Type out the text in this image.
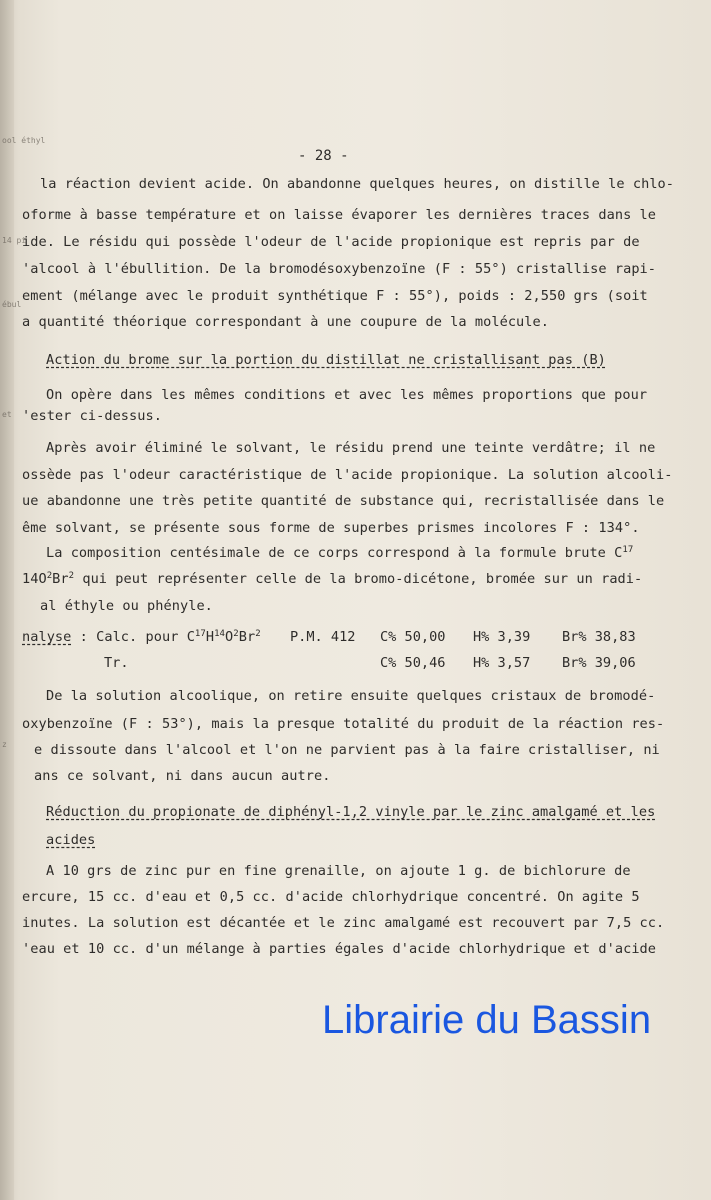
ool éthyl
14 pi
ébul
et
z
- 28 -
la réaction devient acide. On abandonne quelques heures, on distille le chlo-
oforme à basse température et on laisse évaporer les dernières traces dans le
ide. Le résidu qui possède l'odeur de l'acide propionique est repris par de
'alcool à l'ébullition. De la bromodésoxybenzoïne (F : 55°) cristallise rapi-
ement (mélange avec le produit synthétique F : 55°), poids : 2,550 grs (soit
a quantité théorique correspondant à une coupure de la molécule.
Action du brome sur la portion du distillat ne cristallisant pas (B)
On opère dans les mêmes conditions et avec les mêmes proportions que pour
'ester ci-dessus.
Après avoir éliminé le solvant, le résidu prend une teinte verdâtre; il ne
ossède pas l'odeur caractéristique de l'acide propionique. La solution alcooli-
ue abandonne une très petite quantité de substance qui, recristallisée dans le
ême solvant, se présente sous forme de superbes prismes incolores F : 134°.
La composition centésimale de ce corps correspond à la formule brute $C^{17}$
$14O^2Br^2$ qui peut représenter celle de la bromo-dicétone, bromée sur un radi-
al éthyle ou phényle.
nalyse : Calc. pour $C^{17}H^{14}O^2Br^2$ P.M. 412 C% 50,00 H% 3,39 Br% 38,83
Tr.	C% 50,46 H% 3,57 Br% 39,06
De la solution alcoolique, on retire ensuite quelques cristaux de bromodé-
oxybenzoïne (F : 53°), mais la presque totalité du produit de la réaction res-
e dissoute dans l'alcool et l'on ne parvient pas à la faire cristalliser, ni
ans ce solvant, ni dans aucun autre.
Réduction du propionate de diphényl-1,2 vinyle par le zinc amalgamé et les
acides
A 10 grs de zinc pur en fine grenaille, on ajoute 1 g. de bichlorure de
ercure, 15 cc. d'eau et 0,5 cc. d'acide chlorhydrique concentré. On agite 5
inutes. La solution est décantée et le zinc amalgamé est recouvert par 7,5 cc.
'eau et 10 cc. d'un mélange à parties égales d'acide chlorhydrique et d'acide
Librairie du Bassin
